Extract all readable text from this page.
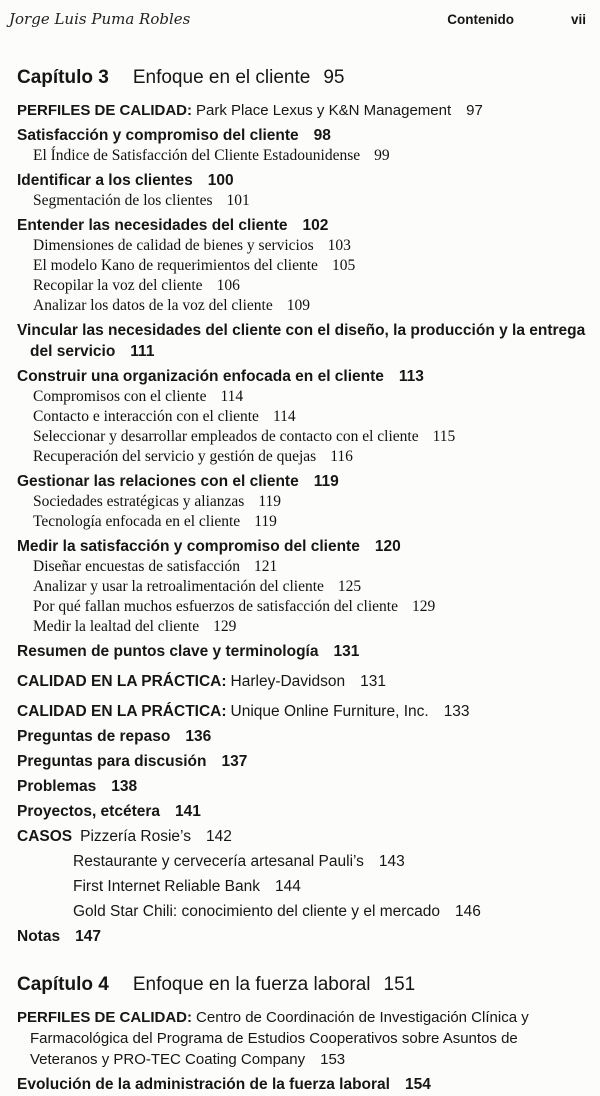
Jorge Luis Puma Robles	Contenido	vii
Capítulo 3 Enfoque en el cliente 95
PERFILES DE CALIDAD: Park Place Lexus y K&N Management 97
Satisfacción y compromiso del cliente 98
El Índice de Satisfacción del Cliente Estadounidense 99
Identificar a los clientes 100
Segmentación de los clientes 101
Entender las necesidades del cliente 102
Dimensiones de calidad de bienes y servicios 103
El modelo Kano de requerimientos del cliente 105
Recopilar la voz del cliente 106
Analizar los datos de la voz del cliente 109
Vincular las necesidades del cliente con el diseño, la producción y la entrega
del servicio 111
Construir una organización enfocada en el cliente 113
Compromisos con el cliente 114
Contacto e interacción con el cliente 114
Seleccionar y desarrollar empleados de contacto con el cliente 115
Recuperación del servicio y gestión de quejas 116
Gestionar las relaciones con el cliente 119
Sociedades estratégicas y alianzas 119
Tecnología enfocada en el cliente 119
Medir la satisfacción y compromiso del cliente 120
Diseñar encuestas de satisfacción 121
Analizar y usar la retroalimentación del cliente 125
Por qué fallan muchos esfuerzos de satisfacción del cliente 129
Medir la lealtad del cliente 129
Resumen de puntos clave y terminología 131
CALIDAD EN LA PRÁCTICA: Harley-Davidson 131
CALIDAD EN LA PRÁCTICA: Unique Online Furniture, Inc. 133
Preguntas de repaso 136
Preguntas para discusión 137
Problemas 138
Proyectos, etcétera 141
CASOS Pizzería Rosie’s 142
Restaurante y cervecería artesanal Pauli’s 143
First Internet Reliable Bank 144
Gold Star Chili: conocimiento del cliente y el mercado 146
Notas 147
Capítulo 4 Enfoque en la fuerza laboral 151
PERFILES DE CALIDAD: Centro de Coordinación de Investigación Clínica y
Farmacológica del Programa de Estudios Cooperativos sobre Asuntos de
Veteranos y PRO-TEC Coating Company 153
Evolución de la administración de la fuerza laboral 154
